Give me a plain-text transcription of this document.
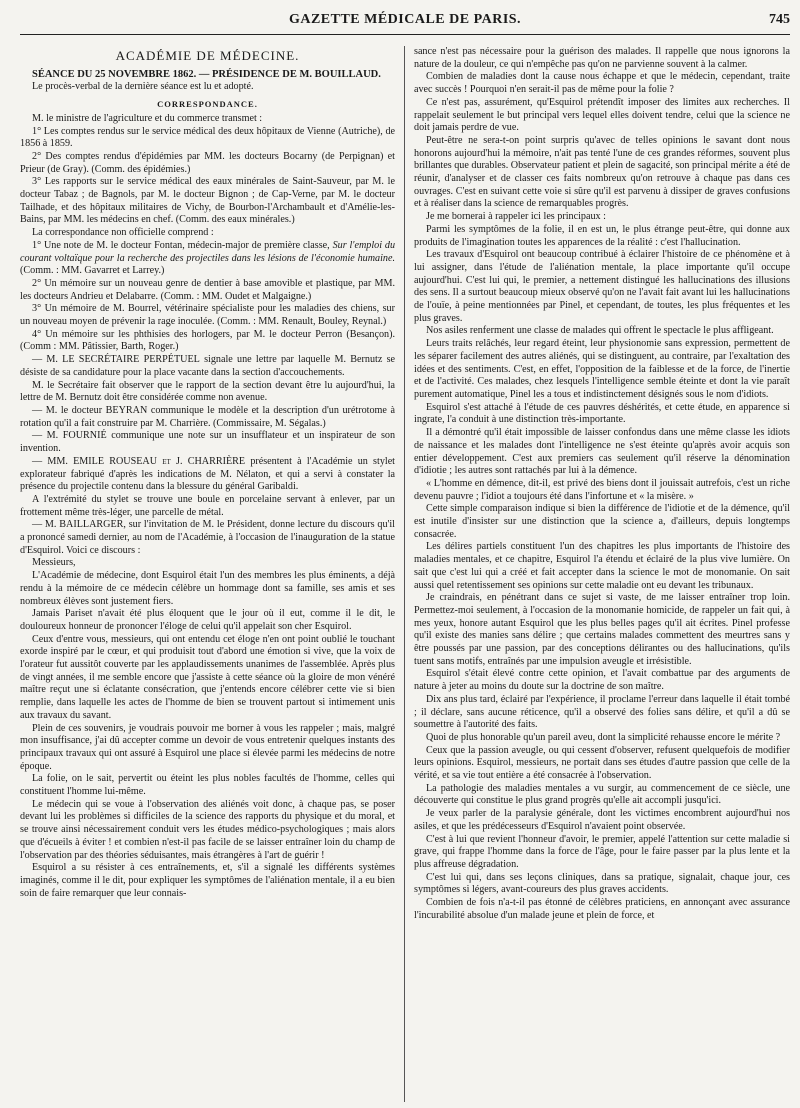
GAZETTE MÉDICALE DE PARIS.	745
ACADÉMIE DE MÉDECINE.

SÉANCE DU 25 NOVEMBRE 1862. — PRÉSIDENCE DE M. BOUILLAUD.

Le procès-verbal de la dernière séance est lu et adopté.

CORRESPONDANCE.

M. le ministre de l'agriculture et du commerce transmet :

1° Les comptes rendus sur le service médical des deux hôpitaux de Vienne (Autriche), de 1856 à 1859.

2° Des comptes rendus d'épidémies par MM. les docteurs Bocarny (de Perpignan) et Prieur (de Gray). (Comm. des épidémies.)

3° Les rapports sur le service médical des eaux minérales de Saint-Sauveur, par M. le docteur Tabaz ; de Bagnols, par M. le docteur Bignon ; de Cap-Verne, par M. le docteur Tailhade, et des hôpitaux militaires de Vichy, de Bourbon-l'Archambault et d'Amélie-les-Bains, par MM. les médecins en chef. (Comm. des eaux minérales.)

La correspondance non officielle comprend :

1° Une note de M. le docteur Fontan, médecin-major de première classe, Sur l'emploi du courant voltaïque pour la recherche des projectiles dans les lésions de l'économie humaine. (Comm. : MM. Gavarret et Larrey.)

2° Un mémoire sur un nouveau genre de dentier à base amovible et plastique, par MM. les docteurs Andrieu et Delabarre. (Comm. : MM. Oudet et Malgaigne.)

3° Un mémoire de M. Bourrel, vétérinaire spécialiste pour les maladies des chiens, sur un nouveau moyen de prévenir la rage inoculée. (Comm. : MM. Renault, Bouley, Reynal.)

4° Un mémoire sur les phthisies des horlogers, par M. le docteur Perron (Besançon). (Comm : MM. Pâtissier, Barth, Roger.)

— M. LE SECRÉTAIRE PERPÉTUEL signale une lettre par laquelle M. Bernutz se désiste de sa candidature pour la place vacante dans la section d'accouchements.

M. le Secrétaire fait observer que le rapport de la section devant être lu aujourd'hui, la lettre de M. Bernutz doit être considérée comme non avenue.

— M. le docteur BEYRAN communique le modèle et la description d'un urétrotome à rotation qu'il a fait construire par M. Charrière. (Commissaire, M. Ségalas.)

— M. FOURNIÉ communique une note sur un insufflateur et un inspirateur de son invention.

— MM. EMILE ROUSEAU et J. CHARRIÈRE présentent à l'Académie un stylet explorateur fabriqué d'après les indications de M. Nélaton, et qui a servi à constater la présence du projectile contenu dans la blessure du général Garibaldi.

A l'extrémité du stylet se trouve une boule en porcelaine servant à enlever, par un frottement même très-léger, une parcelle de métal.

— M. BAILLARGER, sur l'invitation de M. le Président, donne lecture du discours qu'il a prononcé samedi dernier, au nom de l'Académie, à l'occasion de l'inauguration de la statue d'Esquirol. Voici ce discours :

Messieurs,

L'Académie de médecine, dont Esquirol était l'un des membres les plus éminents, a déjà rendu à la mémoire de ce médecin célèbre un hommage dont sa famille, ses amis et ses nombreux élèves sont justement fiers.

Jamais Pariset n'avait été plus éloquent que le jour où il eut, comme il le dit, le douloureux honneur de prononcer l'éloge de celui qu'il appelait son cher Esquirol.

Ceux d'entre vous, messieurs, qui ont entendu cet éloge n'en ont point oublié le touchant exorde inspiré par le cœur, et qui produisit tout d'abord une émotion si vive, que la voix de l'orateur fut aussitôt couverte par les applaudissements unanimes de l'assemblée. Après plus de vingt années, il me semble encore que j'assiste à cette séance où la gloire de mon vénéré maître reçut une si éclatante consécration, que j'entends encore célébrer cette vie si bien remplie, dans laquelle les actes de l'homme de bien se trouvent partout si intimement unis aux travaux du savant.

Plein de ces souvenirs, je voudrais pouvoir me borner à vous les rappeler ; mais, malgré mon insuffisance, j'ai dû accepter comme un devoir de vous entretenir quelques instants des principaux travaux qui ont assuré à Esquirol une place si élevée parmi les médecins de notre époque.

La folie, on le sait, pervertit ou éteint les plus nobles facultés de l'homme, celles qui constituent l'homme lui-même.

Le médecin qui se voue à l'observation des aliénés voit donc, à chaque pas, se poser devant lui les problèmes si difficiles de la science des rapports du physique et du moral, et se trouve ainsi nécessairement conduit vers les études médico-psychologiques ; mais alors que d'écueils à éviter ! et combien n'est-il pas facile de se laisser entraîner loin du champ de l'observation par des théories séduisantes, mais étrangères à l'art de guérir !

Esquirol a su résister à ces entraînements, et, s'il a signalé les différents systèmes imaginés, comme il le dit, pour expliquer les symptômes de l'aliénation mentale, il a eu bien soin de faire remarquer que leur connais-

sance n'est pas nécessaire pour la guérison des malades. Il rappelle que nous ignorons la nature de la douleur, ce qui n'empêche pas qu'on ne parvienne souvent à la calmer.

Combien de maladies dont la cause nous échappe et que le médecin, cependant, traite avec succès ! Pourquoi n'en serait-il pas de même pour la folie ?

Ce n'est pas, assurément, qu'Esquirol prétendît imposer des limites aux recherches. Il rappelait seulement le but principal vers lequel elles doivent tendre, celui que la science ne doit jamais perdre de vue.

Peut-être ne sera-t-on point surpris qu'avec de telles opinions le savant dont nous honorons aujourd'hui la mémoire, n'ait pas tenté l'une de ces grandes réformes, souvent plus brillantes que durables. Observateur patient et plein de sagacité, son principal mérite a été de réunir, d'analyser et de classer ces faits nombreux qu'on retrouve à chaque pas dans ces ouvrages. C'est en suivant cette voie si sûre qu'il est parvenu à dissiper de graves confusions et à réaliser dans la science de remarquables progrès.

Je me bornerai à rappeler ici les principaux :

Parmi les symptômes de la folie, il en est un, le plus étrange peut-être, qui donne aux produits de l'imagination toutes les apparences de la réalité : c'est l'hallucination.

Les travaux d'Esquirol ont beaucoup contribué à éclairer l'histoire de ce phénomène et à lui assigner, dans l'étude de l'aliénation mentale, la place importante qu'il occupe aujourd'hui. C'est lui qui, le premier, a nettement distingué les hallucinations des illusions des sens. Il a surtout beaucoup mieux observé qu'on ne l'avait fait avant lui les hallucinations de l'ouïe, à peine mentionnées par Pinel, et cependant, de toutes, les plus fréquentes et les plus graves.

Nos asiles renferment une classe de malades qui offrent le spectacle le plus affligeant.

Leurs traits relâchés, leur regard éteint, leur physionomie sans expression, permettent de les séparer facilement des autres aliénés, qui se distinguent, au contraire, par l'exaltation des idées et des sentiments. C'est, en effet, l'opposition de la faiblesse et de la force, de l'inertie et de l'activité. Ces malades, chez lesquels l'intelligence semble éteinte et dont la vie paraît purement automatique, Pinel les a tous et indistinctement désignés sous le nom d'idiots.

Esquirol s'est attaché à l'étude de ces pauvres déshérités, et cette étude, en apparence si ingrate, l'a conduit à une distinction très-importante.

Il a démontré qu'il était impossible de laisser confondus dans une même classe les idiots de naissance et les malades dont l'intelligence ne s'est éteinte qu'après avoir acquis son entier développement. C'est aux premiers cas seulement qu'il réserve la dénomination d'idiotie ; les autres sont rattachés par lui à la démence.

« L'homme en démence, dit-il, est privé des biens dont il jouissait autrefois, c'est un riche devenu pauvre ; l'idiot a toujours été dans l'infortune et « la misère. »

Cette simple comparaison indique si bien la différence de l'idiotie et de la démence, qu'il est inutile d'insister sur une distinction que la science a, d'ailleurs, depuis longtemps consacrée.

Les délires partiels constituent l'un des chapitres les plus importants de l'histoire des maladies mentales, et ce chapitre, Esquirol l'a étendu et éclairé de la plus vive lumière. On sait que c'est lui qui a créé et fait accepter dans la science le mot de monomanie. On sait aussi quel retentissement ses opinions sur cette maladie ont eu devant les tribunaux.

Je craindrais, en pénétrant dans ce sujet si vaste, de me laisser entraîner trop loin. Permettez-moi seulement, à l'occasion de la monomanie homicide, de rappeler un fait qui, à mes yeux, honore autant Esquirol que les plus belles pages qu'il ait écrites. Pinel professe qu'il existe des manies sans délire ; que certains malades commettent des meurtres sans y être poussés par une passion, par des conceptions délirantes ou des hallucinations, qu'ils tuent sans motifs, entraînés par une impulsion aveugle et irrésistible.

Esquirol s'était élevé contre cette opinion, et l'avait combattue par des arguments de nature à jeter au moins du doute sur la doctrine de son maître.

Dix ans plus tard, éclairé par l'expérience, il proclame l'erreur dans laquelle il était tombé ; il déclare, sans aucune réticence, qu'il a observé des folies sans délire, et qu'il a dû se soumettre à l'autorité des faits.

Quoi de plus honorable qu'un pareil aveu, dont la simplicité rehausse encore le mérite ?

Ceux que la passion aveugle, ou qui cessent d'observer, refusent quelquefois de modifier leurs opinions. Esquirol, messieurs, ne portait dans ses études d'autre passion que celle de la vérité, et sa vie tout entière a été consacrée à l'observation.

La pathologie des maladies mentales a vu surgir, au commencement de ce siècle, une découverte qui constitue le plus grand progrès qu'elle ait accompli jusqu'ici.

Je veux parler de la paralysie générale, dont les victimes encombrent aujourd'hui nos asiles, et que les prédécesseurs d'Esquirol n'avaient point observée.

C'est à lui que revient l'honneur d'avoir, le premier, appelé l'attention sur cette maladie si grave, qui frappe l'homme dans la force de l'âge, pour le faire passer par la plus lente et la plus affreuse dégradation.

C'est lui qui, dans ses leçons cliniques, dans sa pratique, signalait, chaque jour, ces symptômes si légers, avant-coureurs des plus graves accidents.

Combien de fois n'a-t-il pas étonné de célèbres praticiens, en annonçant avec assurance l'incurabilité absolue d'un malade jeune et plein de force, et
